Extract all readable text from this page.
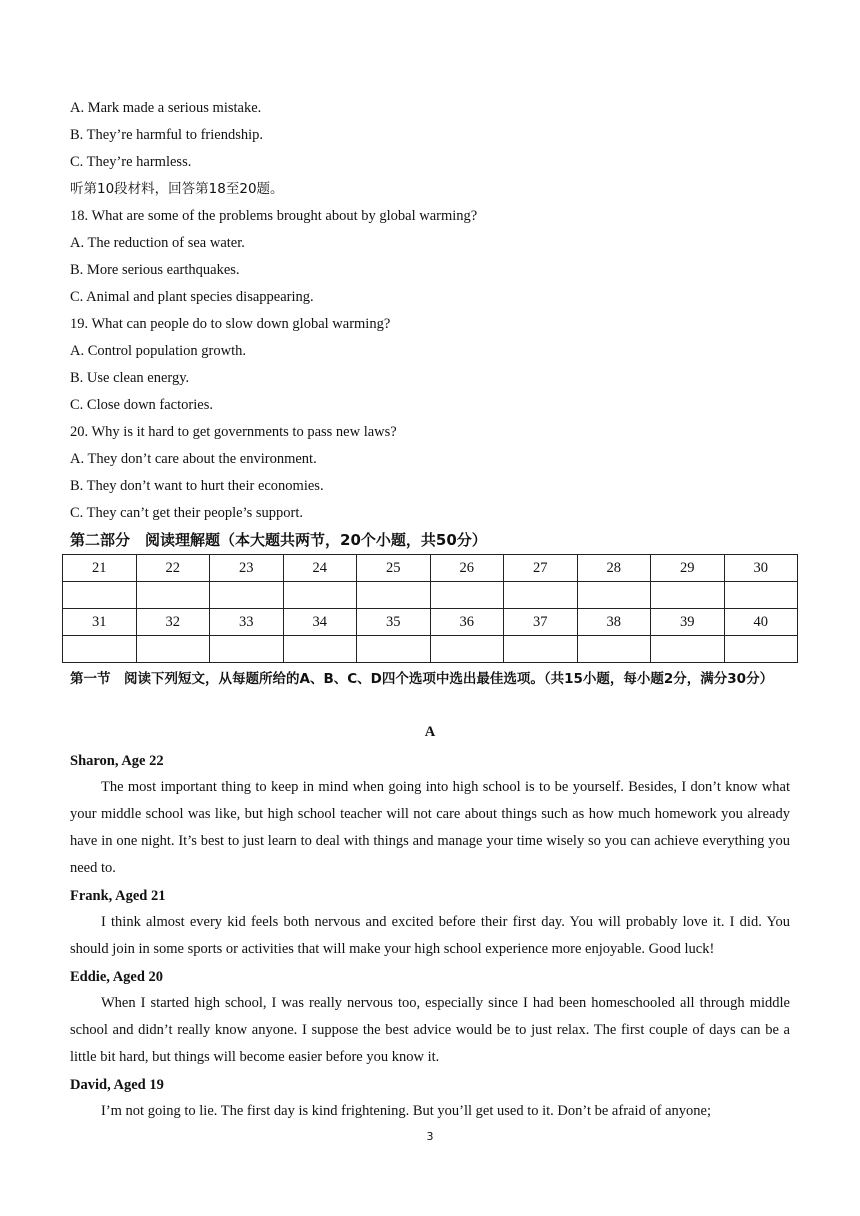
A. Mark made a serious mistake.
B. They’re harmful to friendship.
C. They’re harmless.
听第10段材料，回答第18至20题。
18. What are some of the problems brought about by global warming?
A. The reduction of sea water.
B. More serious earthquakes.
C. Animal and plant species disappearing.
19. What can people do to slow down global warming?
A. Control population growth.
B. Use clean energy.
C. Close down factories.
20. Why is it hard to get governments to pass new laws?
A. They don’t care about the environment.
B. They don’t want to hurt their economies.
C. They can’t get their people’s support.
第二部分　阅读理解题（本大题共两节，20个小题，共50分）
21	22	23	24	25	26	27	28	29	30

31	32	33	34	35	36	37	38	39	40

第一节　阅读下列短文，从每题所给的A、B、C、D四个选项中选出最佳选项。（共15小题，每小题2分，满分30分）
A
Sharon, Age 22
The most important thing to keep in mind when going into high school is to be yourself. Besides, I don’t know what your middle school was like, but high school teacher will not care about things such as how much homework you already have in one night. It’s best to just learn to deal with things and manage your time wisely so you can achieve everything you need to.
Frank, Aged 21
I think almost every kid feels both nervous and excited before their first day. You will probably love it. I did. You should join in some sports or activities that will make your high school experience more enjoyable. Good luck!
Eddie, Aged 20
When I started high school, I was really nervous too, especially since I had been homeschooled all through middle school and didn’t really know anyone. I suppose the best advice would be to just relax. The first couple of days can be a little bit hard, but things will become easier before you know it.
David, Aged 19
I’m not going to lie. The first day is kind frightening. But you’ll get used to it. Don’t be afraid of anyone;
3
